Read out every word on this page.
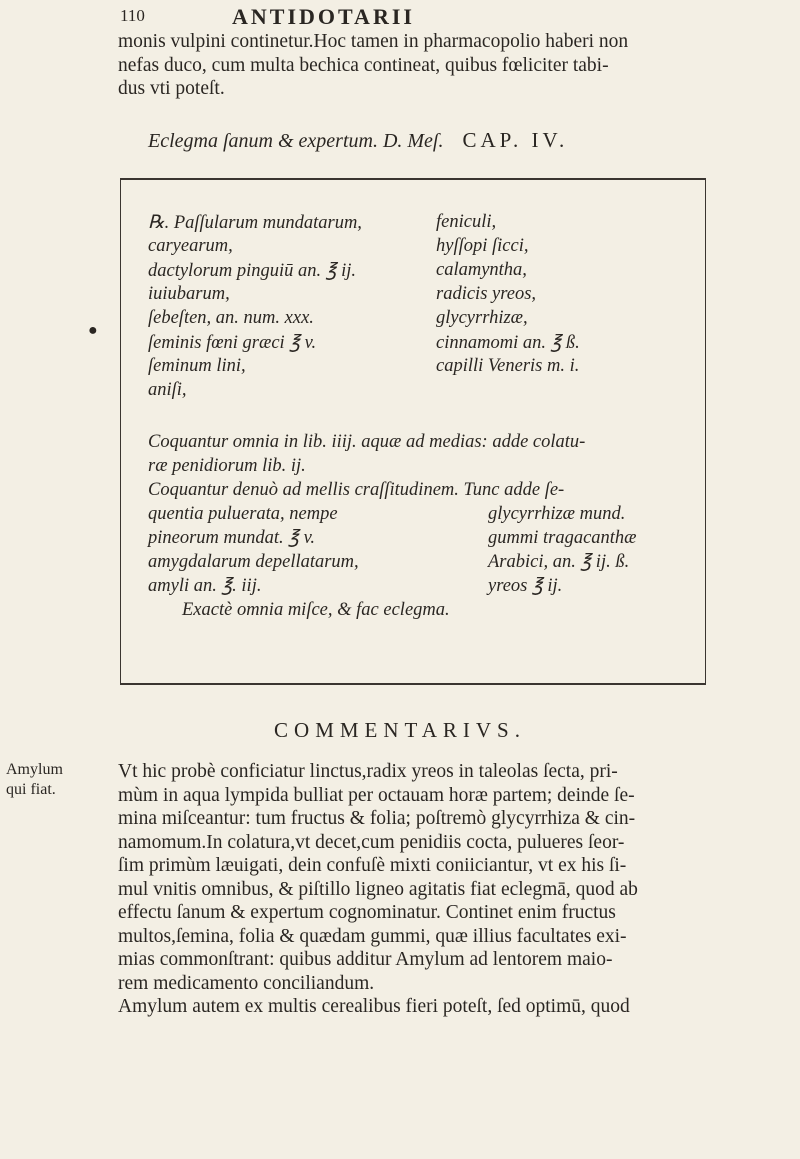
110	ANTIDOTARII

monis vulpini continetur.Hoc tamen in pharmacopolio haberi non
nefas duco, cum multa bechica contineat, quibus fœliciter tabi-
dus vti poteſt.

Eclegma ſanum & expertum. D. Meſ. CAP. IV.
●
℞. Paſſularum mundatarum,	feniculi,
caryearum,	hyſſopi ſicci,
dactylorum pinguiū an. ℥ ij.	calamyntha,
iuiubarum,	radicis yreos,
ſebeſten, an. num. xxx.	glycyrrhizæ,
ſeminis fœni græci ℥ v.	cinnamomi an. ℥ ß.
ſeminum lini,	capilli Veneris m. i.
aniſi,
Coquantur omnia in lib. iiij. aquæ ad medias: adde colatu-
ræ penidiorum lib. ij.
Coquantur denuò ad mellis craſſitudinem. Tunc adde ſe-
quentia puluerata, nempe	glycyrrhizæ mund.
pineorum mundat. ℥ v.	gummi tragacanthæ
amygdalarum depellatarum,	Arabici, an. ℥ ij. ß.
amyli an. ℥. iij.	yreos ℥ ij.
Exactè omnia miſce, & fac eclegma.
COMMENTARIVS.
Amylum
qui fiat.

Vt hic probè conficiatur linctus,radix yreos in taleolas ſecta, pri-
mùm in aqua lympida bulliat per octauam horæ partem; deinde ſe-
mina miſceantur: tum fructus & folia; poſtremò glycyrrhiza & cin-
namomum.In colatura,vt decet,cum penidiis cocta, pulueres ſeor-
ſim primùm læuigati, dein confuſè mixti coniiciantur, vt ex his ſi-
mul vnitis omnibus, & piſtillo ligneo agitatis fiat eclegmā, quod ab
effectu ſanum & expertum cognominatur. Continet enim fructus
multos,ſemina, folia & quædam gummi, quæ illius facultates exi-
mias commonſtrant: quibus additur Amylum ad lentorem maio-
rem medicamento conciliandum.
Amylum autem ex multis cerealibus fieri poteſt, ſed optimū, quod
